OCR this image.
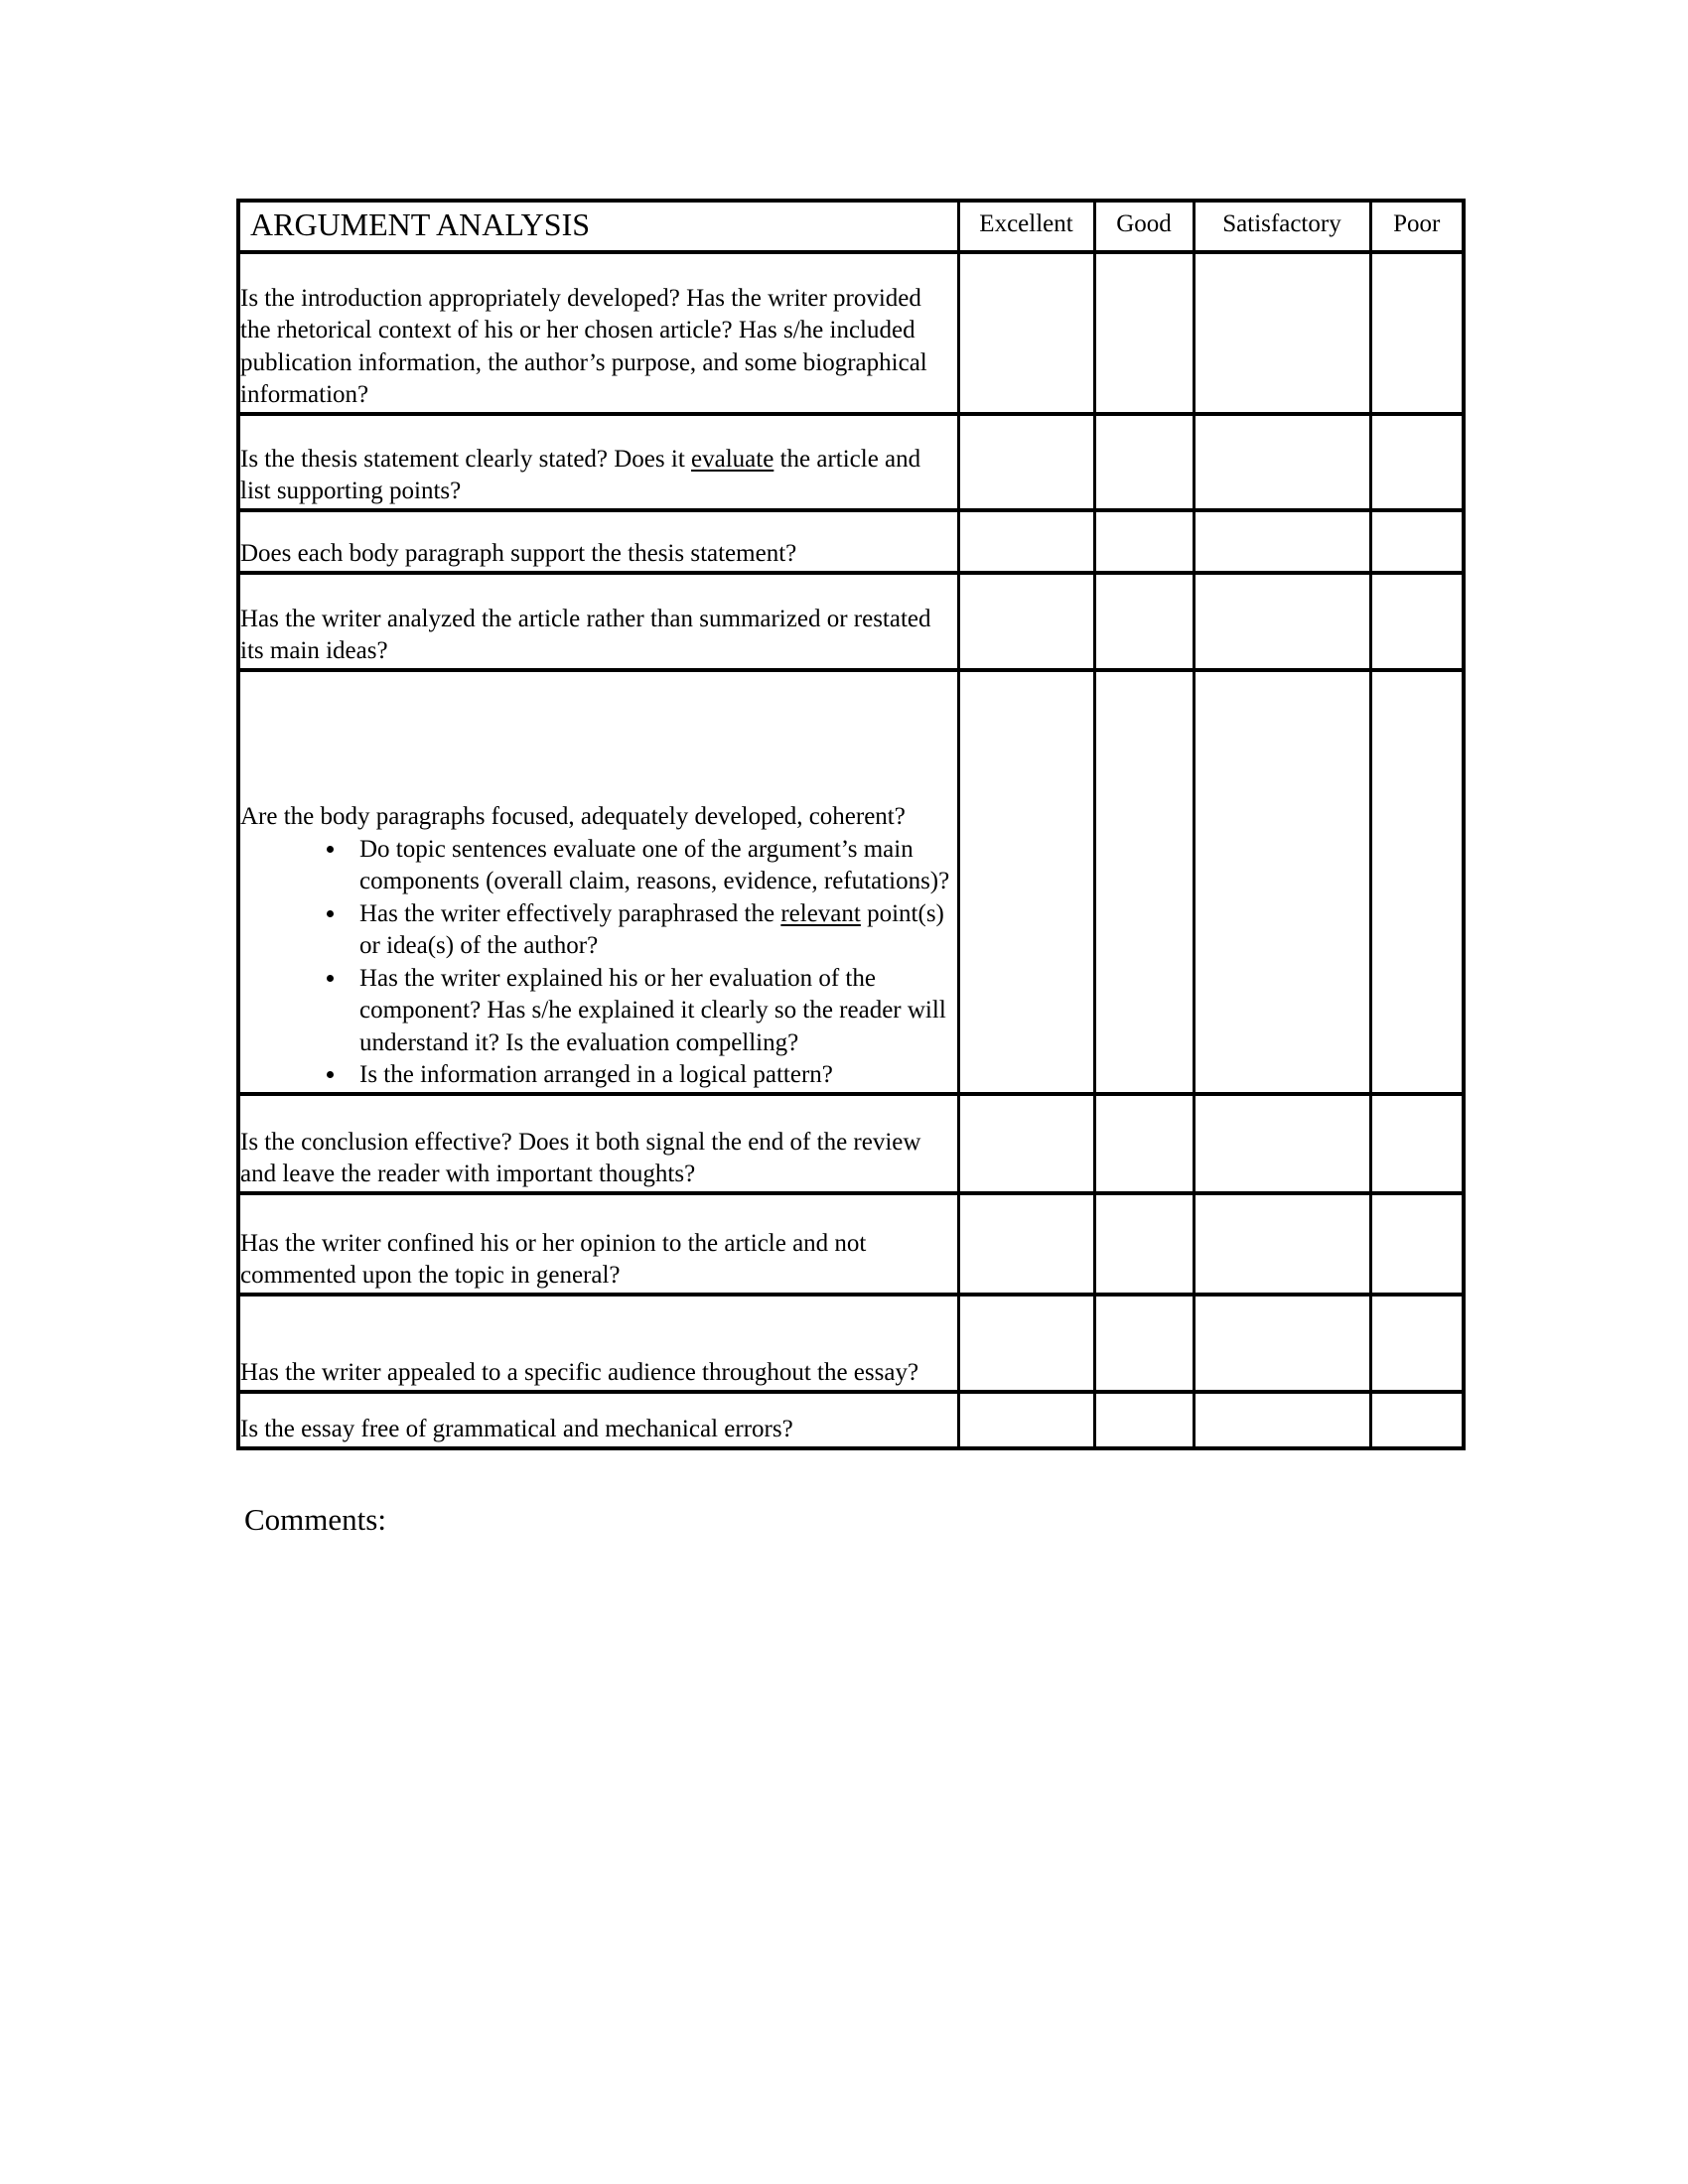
ARGUMENT ANALYSIS	Excellent	Good	Satisfactory	Poor

Is the introduction appropriately developed? Has the writer provided the rhetorical context of his or her chosen article? Has s/he included publication information, the author’s purpose, and some biographical information?				

Is the thesis statement clearly stated? Does it evaluate the article and list supporting points?				

Does each body paragraph support the thesis statement?				

Has the writer analyzed the article rather than summarized or restated its main ideas?				

Are the body paragraphs focused, adequately developed, coherent?
• Do topic sentences evaluate one of the argument’s main components (overall claim, reasons, evidence, refutations)?
• Has the writer effectively paraphrased the relevant point(s) or idea(s) of the author?
• Has the writer explained his or her evaluation of the component? Has s/he explained it clearly so the reader will understand it? Is the evaluation compelling?
• Is the information arranged in a logical pattern?

Is the conclusion effective? Does it both signal the end of the review and leave the reader with important thoughts?				

Has the writer confined his or her opinion to the article and not commented upon the topic in general?				

Has the writer appealed to a specific audience throughout the essay?				

Is the essay free of grammatical and mechanical errors?				

Comments:
